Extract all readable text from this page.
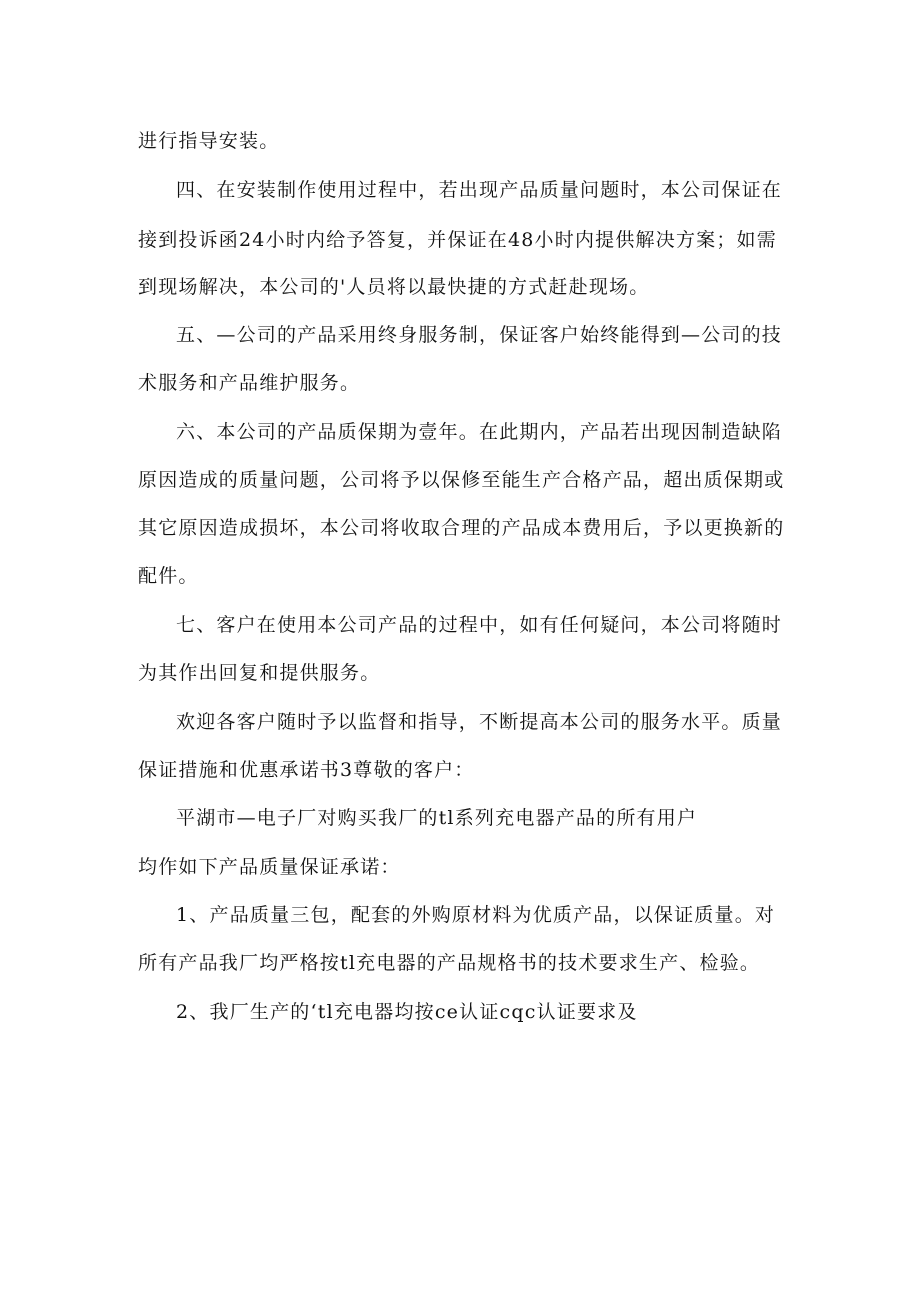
进行指导安装。
四、在安装制作使用过程中，若出现产品质量问题时，本公司保证在
接到投诉函24小时内给予答复，并保证在48小时内提供解决方案；如需
到现场解决，本公司的'人员将以最快捷的方式赶赴现场。
五、—公司的产品采用终身服务制，保证客户始终能得到—公司的技
术服务和产品维护服务。
六、本公司的产品质保期为壹年。在此期内，产品若出现因制造缺陷
原因造成的质量问题，公司将予以保修至能生产合格产品，超出质保期或
其它原因造成损坏，本公司将收取合理的产品成本费用后，予以更换新的
配件。
七、客户在使用本公司产品的过程中，如有任何疑问，本公司将随时
为其作出回复和提供服务。
欢迎各客户随时予以监督和指导，不断提高本公司的服务水平。质量
保证措施和优惠承诺书3尊敬的客户：
平湖市—电子厂对购买我厂的tl系列充电器产品的所有用户
均作如下产品质量保证承诺：
1、产品质量三包，配套的外购原材料为优质产品，以保证质量。对
所有产品我厂均严格按tl充电器的产品规格书的技术要求生产、检验。
2、我厂生产的‘tl充电器均按ce认证cqc认证要求及
